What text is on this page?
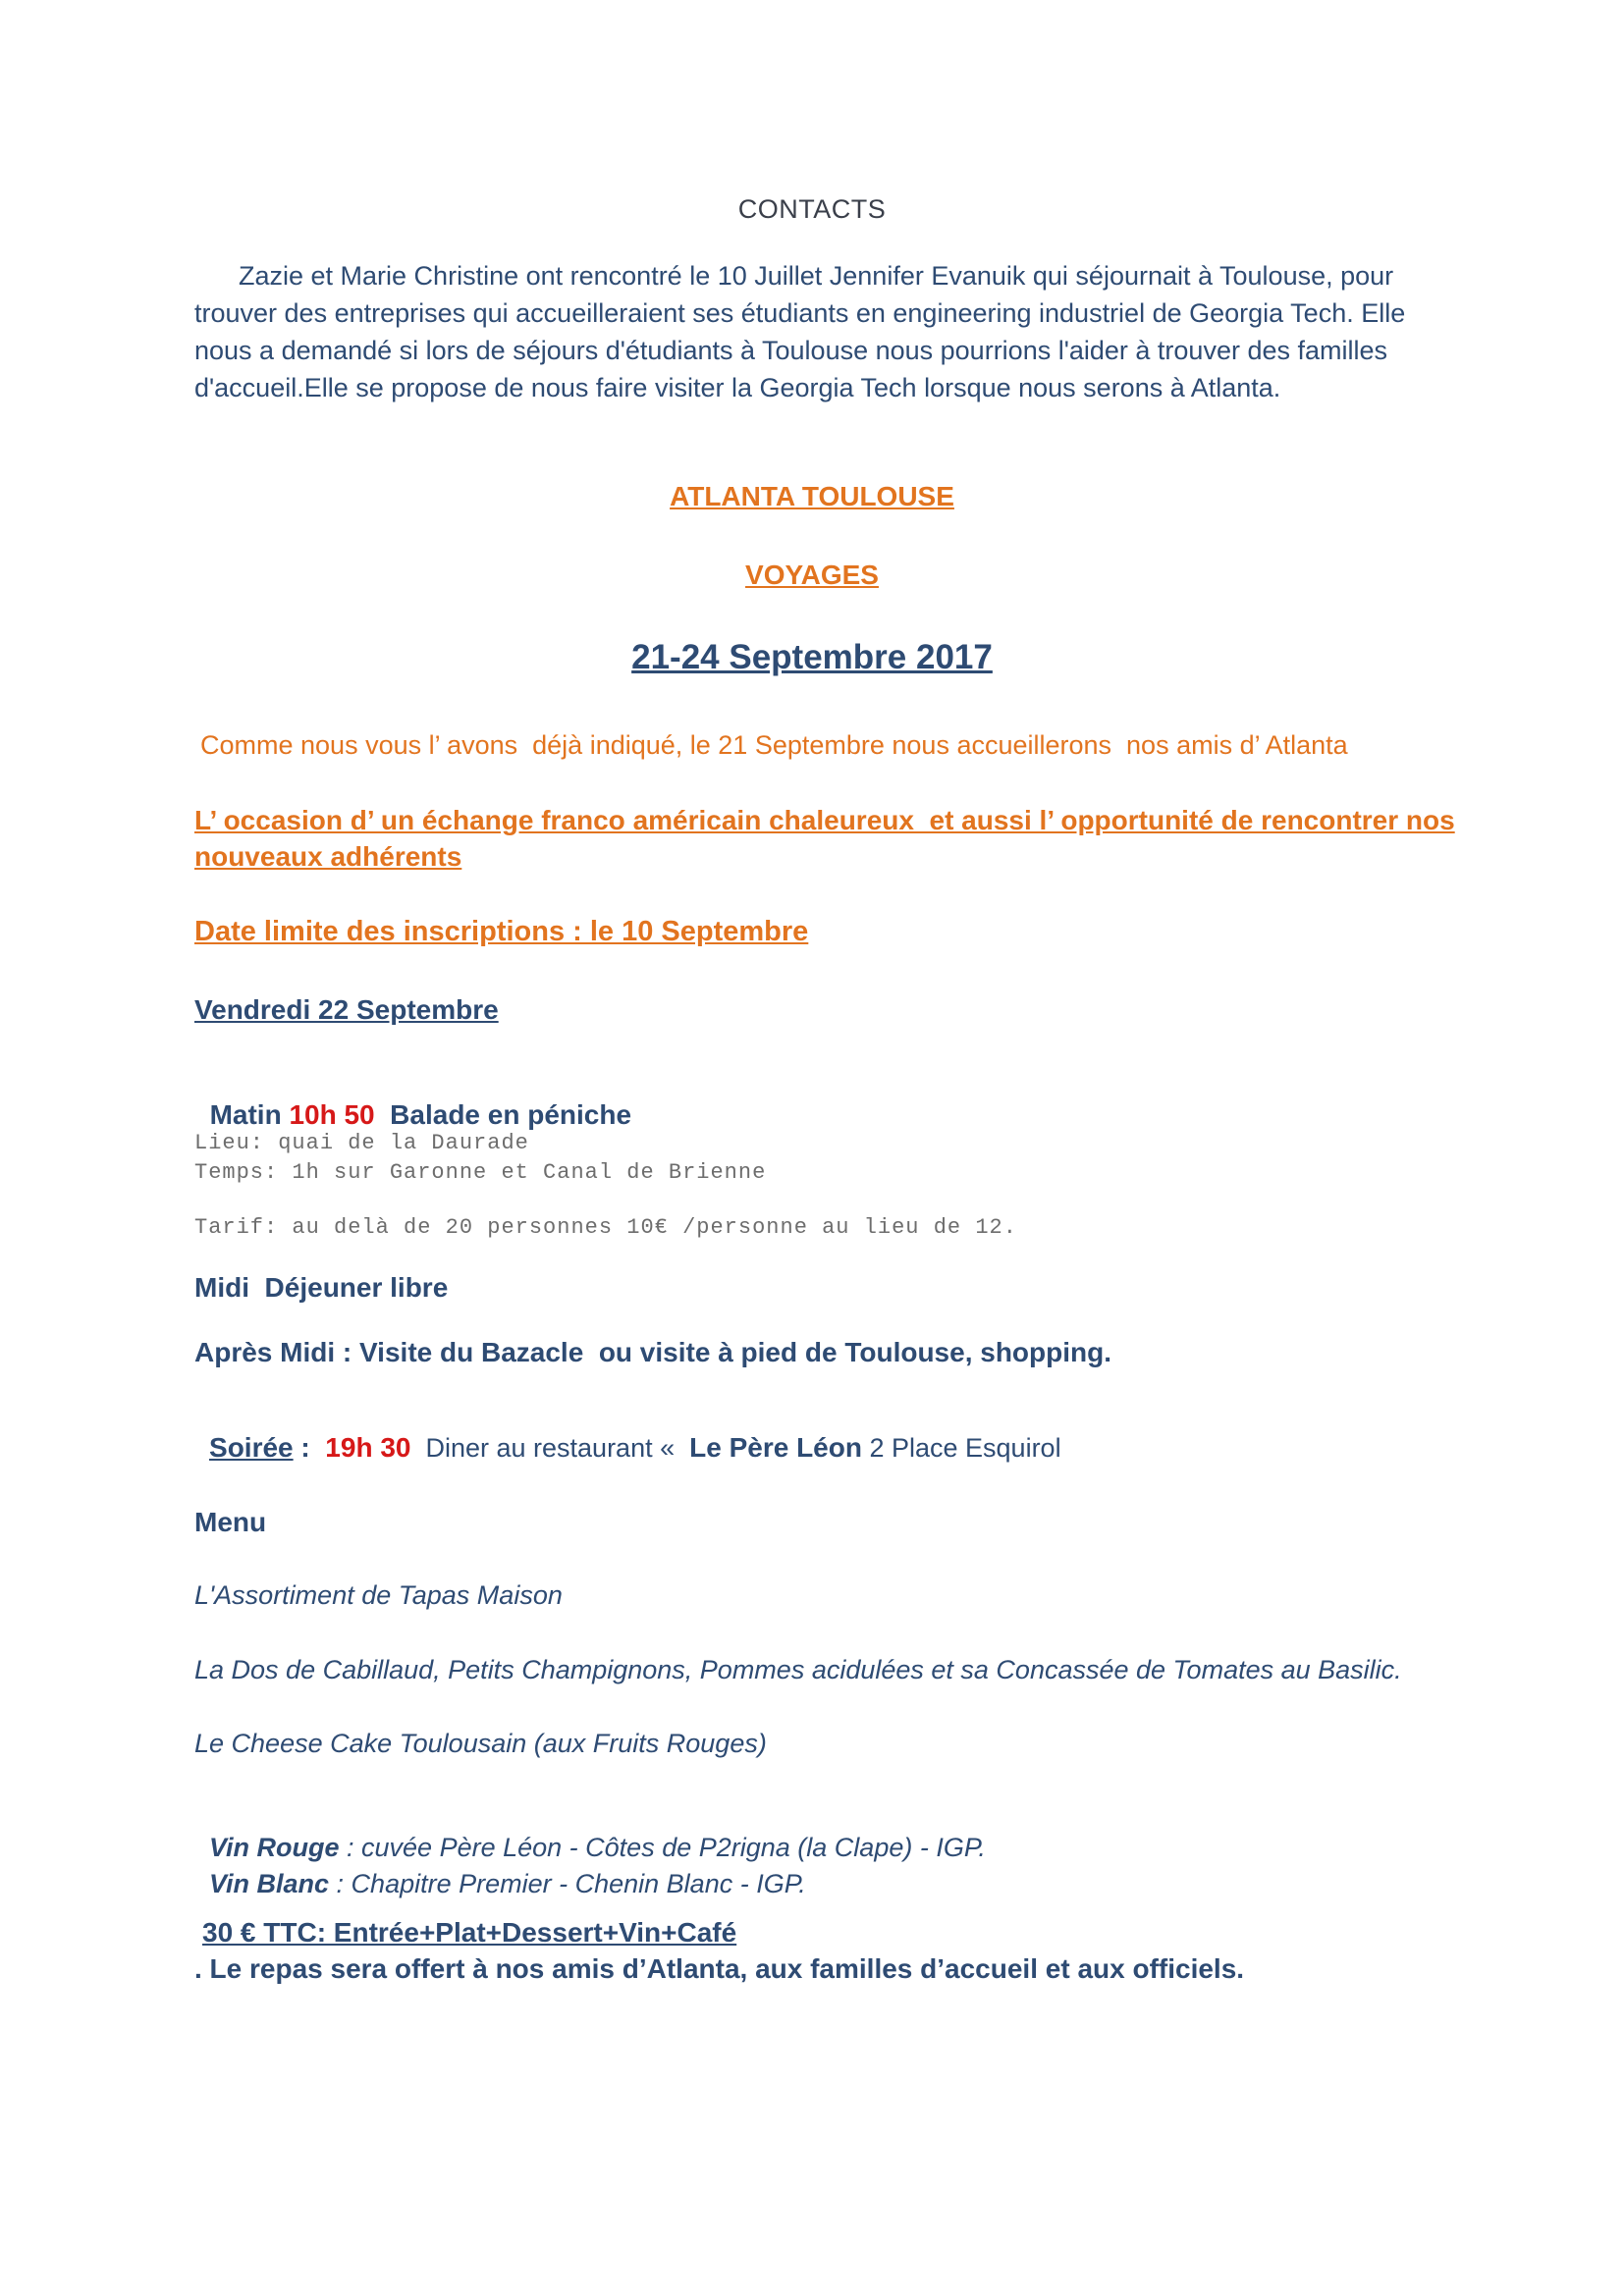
CONTACTS

Zazie et Marie Christine ont rencontré le 10 Juillet Jennifer Evanuik qui séjournait à Toulouse, pour trouver des entreprises qui accueilleraient ses étudiants en engineering industriel de Georgia Tech. Elle nous a demandé si lors de séjours d'étudiants à Toulouse nous pourrions l'aider à trouver des familles d'accueil.Elle se propose de nous faire visiter la Georgia Tech lorsque nous serons à Atlanta.

ATLANTA TOULOUSE
VOYAGES
21-24 Septembre 2017
Comme nous vous l’ avons  déjà indiqué, le 21 Septembre nous accueillerons  nos amis d’ Atlanta
L’ occasion d’ un échange franco américain chaleureux  et aussi l’ opportunité de rencontrer nos
nouveaux adhérents
Date limite des inscriptions : le 10 Septembre
Vendredi 22 Septembre

Matin 10h 50  Balade en péniche

Lieu: quai de la Daurade
Temps: 1h sur Garonne et Canal de Brienne
Tarif: au delà de 20 personnes 10€ /personne au lieu de 12.
Midi  Déjeuner libre
Après Midi : Visite du Bazacle  ou visite à pied de Toulouse, shopping.

Soirée :  19h 30  Diner au restaurant «  Le Père Léon 2 Place Esquirol

Menu
L'Assortiment de Tapas Maison
La Dos de Cabillaud, Petits Champignons, Pommes acidulées et sa Concassée de Tomates au Basilic.
Le Cheese Cake Toulousain (aux Fruits Rouges)

Vin Rouge : cuvée Père Léon - Côtes de P2rigna (la Clape) - IGP.

Vin Blanc : Chapitre Premier - Chenin Blanc - IGP.

30 € TTC: Entrée+Plat+Dessert+Vin+Café
. Le repas sera offert à nos amis d’Atlanta, aux familles d’accueil et aux officiels.
